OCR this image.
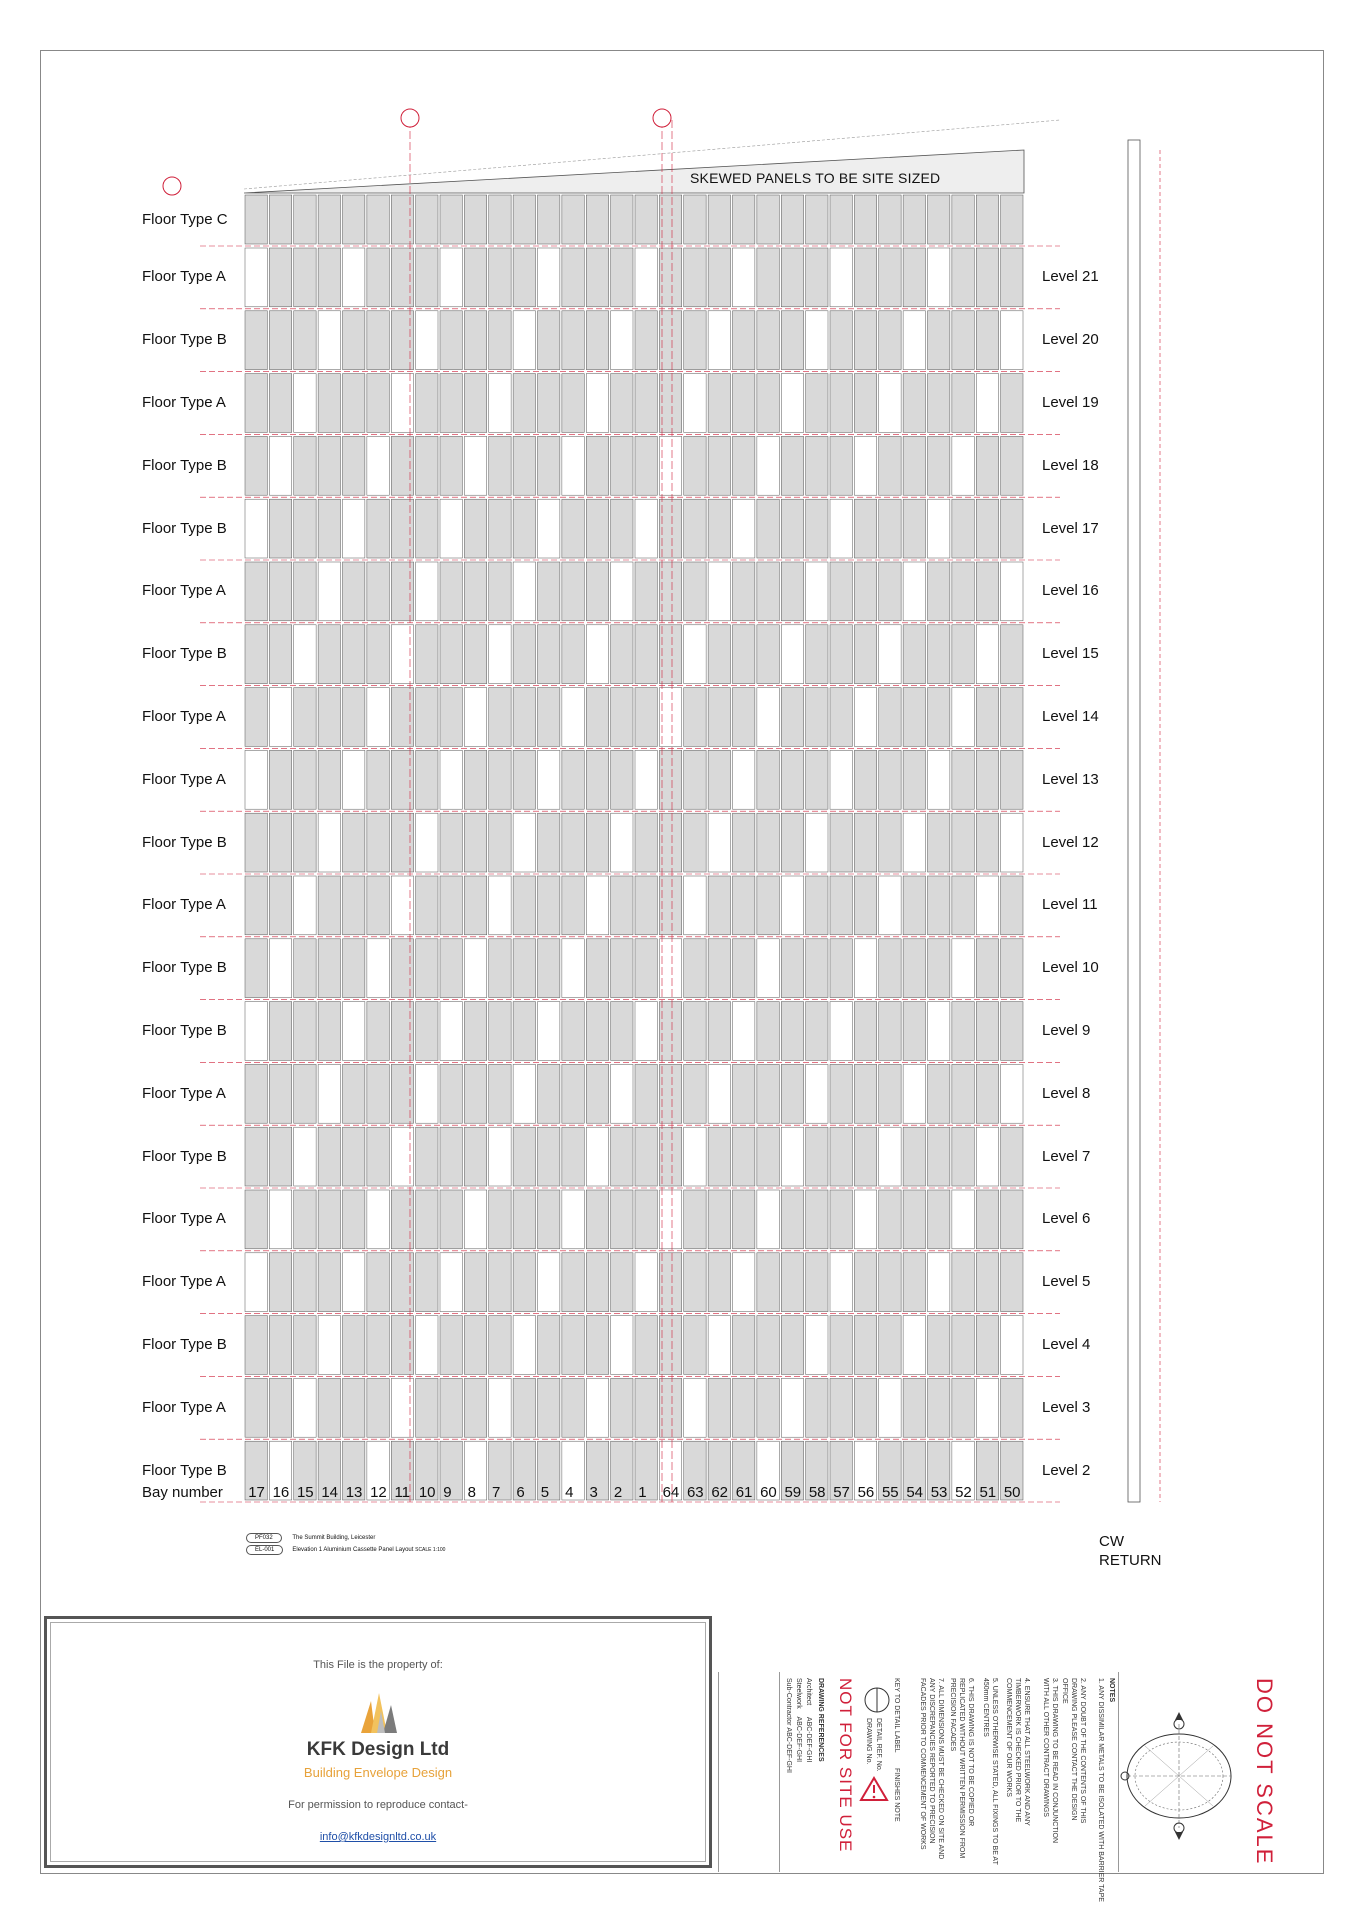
SKEWED PANELS TO BE SITE SIZED
Floor Type C
Floor Type A	Level 21
Floor Type B	Level 20
Floor Type A	Level 19
Floor Type B	Level 18
Floor Type B	Level 17
Floor Type A	Level 16
Floor Type B	Level 15
Floor Type A	Level 14
Floor Type A	Level 13
Floor Type B	Level 12
Floor Type A	Level 11
Floor Type B	Level 10
Floor Type B	Level 9
Floor Type A	Level 8
Floor Type B	Level 7
Floor Type A	Level 6
Floor Type A	Level 5
Floor Type B	Level 4
Floor Type A	Level 3
Floor Type B	Level 2
Bay number 17 16 15 14 13 12 11 10 9 8 7 6 5 4 3 2 1 64 63 62 61 60 59 58 57 56 55 54 53 52 51 50
CW
RETURN
PF032	The Summit Building, Leicester
EL-001	Elevation 1 Aluminium Cassette Panel Layout SCALE 1:100
This File is the property of:
KFK Design Ltd
Building Envelope Design
For permission to reproduce contact-
info@kfkdesignltd.co.uk
NOTES
1. ANY DISSIMILAR METALS TO BE ISOLATED WITH BARRIER TAPE
2. ANY DOUBT OF THE CONTENTS OF THIS DRAWING PLEASE CONTACT THE DESIGN OFFICE
3. THIS DRAWING TO BE READ IN CONJUNCTION WITH ALL OTHER CONTRACT DRAWINGS
4. ENSURE THAT ALL STEELWORK AND ANY TIMBERWORK IS CHECKED PRIOR TO THE COMMENCEMENT OF OUR WORKS
5. UNLESS OTHERWISE STATED, ALL FIXINGS TO BE AT 450mm CENTRES
6. THIS DRAWING IS NOT TO BE COPIED OR REPLICATED WITHOUT WRITTEN PERMISSION FROM PRECISION FACADES
7. ALL DIMENSIONS MUST BE CHECKED ON SITE AND ANY DISCREPANCIES REPORTED TO PRECISION FACADES PRIOR TO COMMENCEMENT OF WORKS
KEY TO DETAIL LABEL
FINISHES NOTE
DETAIL REF. No.
DRAWING No.
NOT FOR SITE USE
DRAWING REFERENCES
Architect      ABC-DEF-GHI
Steelwork    ABC-DEF-GHI
Sub-Contractor ABC-DEF-GHI	DO NOT SCALE
